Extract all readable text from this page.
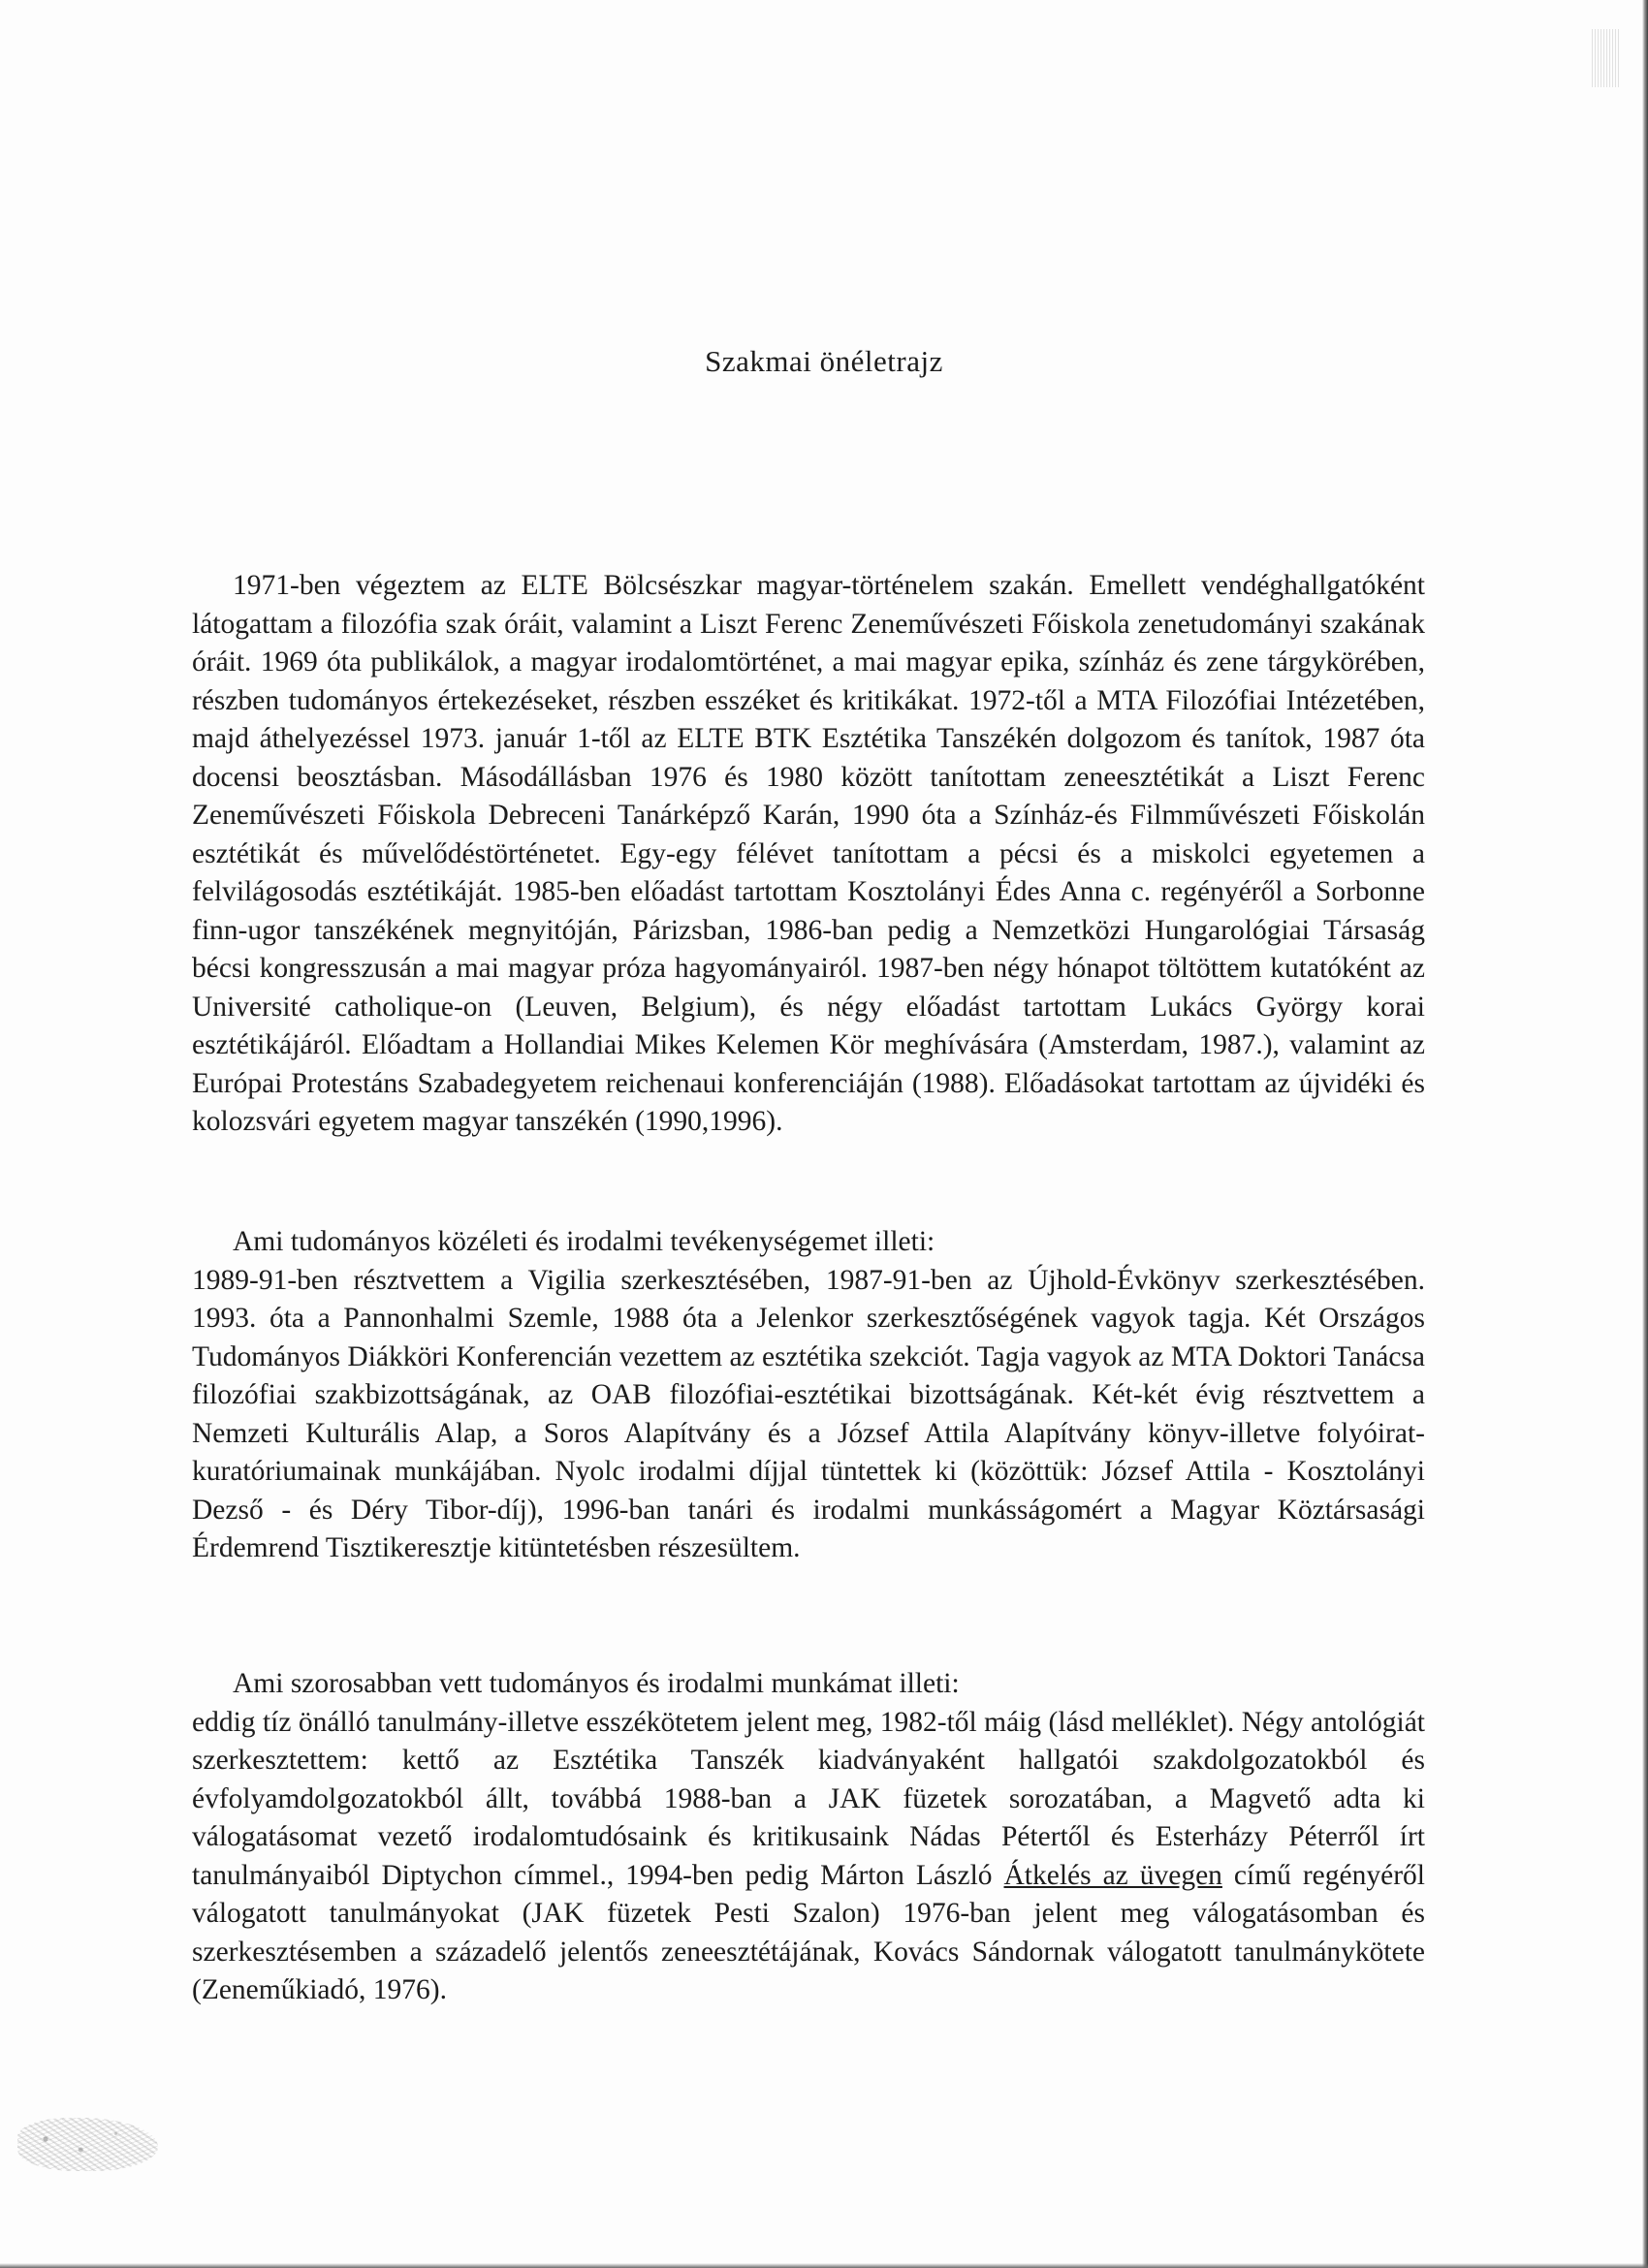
Szakmai önéletrajz

1971-ben végeztem az ELTE Bölcsészkar magyar-történelem szakán. Emellett vendéghallgatóként látogattam a filozófia szak óráit, valamint a Liszt Ferenc Zeneművészeti Főiskola zenetudományi szakának óráit. 1969 óta publikálok, a magyar irodalomtörténet, a mai magyar epika, színház és zene tárgykörében, részben tudományos értekezéseket, részben esszéket és kritikákat. 1972-től a MTA Filozófiai Intézetében, majd áthelyezéssel 1973. január 1-től az ELTE BTK Esztétika Tanszékén dolgozom és tanítok, 1987 óta docensi beosztásban. Másodállásban 1976 és 1980 között tanítottam zeneesztétikát a Liszt Ferenc Zeneművészeti Főiskola Debreceni Tanárképző Karán, 1990 óta a Színház-és Filmművészeti Főiskolán esztétikát és művelődéstörténetet. Egy-egy félévet tanítottam a pécsi és a miskolci egyetemen a felvilágosodás esztétikáját. 1985-ben előadást tartottam Kosztolányi Édes Anna c. regényéről a Sorbonne finn-ugor tanszékének megnyitóján, Párizsban, 1986-ban pedig a Nemzetközi Hungarológiai Társaság bécsi kongresszusán a mai magyar próza hagyományairól. 1987-ben négy hónapot töltöttem kutatóként az Université catholique-on (Leuven, Belgium), és négy előadást tartottam Lukács György korai esztétikájáról. Előadtam a Hollandiai Mikes Kelemen Kör meghívására (Amsterdam, 1987.), valamint az Európai Protestáns Szabadegyetem reichenaui konferenciáján (1988). Előadásokat tartottam az újvidéki és kolozsvári egyetem magyar tanszékén (1990,1996).

Ami tudományos közéleti és irodalmi tevékenységemet illeti:

1989-91-ben résztvettem a Vigilia szerkesztésében, 1987-91-ben az Újhold-Évkönyv szerkesztésében. 1993. óta a Pannonhalmi Szemle, 1988 óta a Jelenkor szerkesztőségének vagyok tagja. Két Országos Tudományos Diákköri Konferencián vezettem az esztétika szekciót. Tagja vagyok az MTA Doktori Tanácsa filozófiai szakbizottságának, az OAB filozófiai-esztétikai bizottságának. Két-két évig résztvettem a Nemzeti Kulturális Alap, a Soros Alapítvány és a József Attila Alapítvány könyv-illetve folyóirat-kuratóriumainak munkájában. Nyolc irodalmi díjjal tüntettek ki (közöttük: József Attila - Kosztolányi Dezső - és Déry Tibor-díj), 1996-ban tanári és irodalmi munkásságomért a Magyar Köztársasági Érdemrend Tisztikeresztje kitüntetésben részesültem.

Ami szorosabban vett tudományos és irodalmi munkámat illeti:

eddig tíz önálló tanulmány-illetve esszékötetem jelent meg, 1982-től máig (lásd melléklet). Négy antológiát szerkesztettem: kettő az Esztétika Tanszék kiadványaként hallgatói szakdolgozatokból és évfolyamdolgozatokból állt, továbbá 1988-ban a JAK füzetek sorozatában, a Magvető adta ki válogatásomat vezető irodalomtudósaink és kritikusaink Nádas Pétertől és Esterházy Péterről írt tanulmányaiból Diptychon címmel., 1994-ben pedig Márton László Átkelés az üvegen című regényéről válogatott tanulmányokat (JAK füzetek Pesti Szalon) 1976-ban jelent meg válogatásomban és szerkesztésemben a századelő jelentős zeneesztétájának, Kovács Sándornak válogatott tanulmánykötete (Zeneműkiadó, 1976).
